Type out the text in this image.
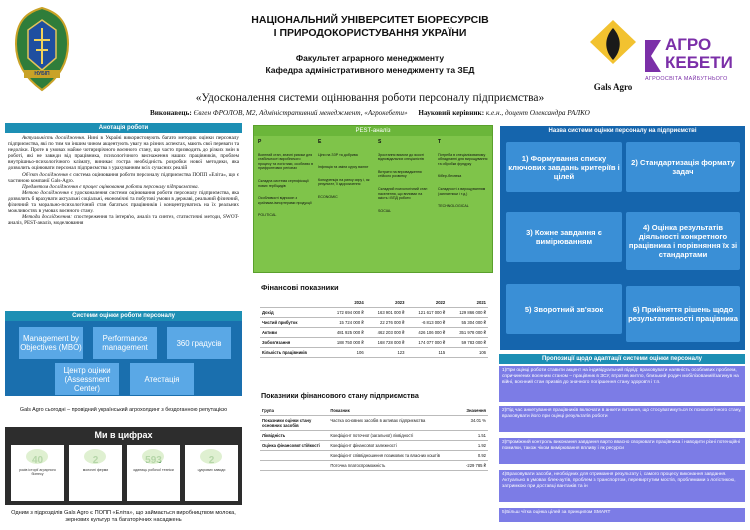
НУБІП
НАЦІОНАЛЬНИЙ УНІВЕРСИТЕТ БІОРЕСУРСІВ
І ПРИРОДОКОРИСТУВАННЯ УКРАЇНИ
Факультет аграрного менеджменту
Кафедра адміністративного менеджменту та ЗЕД
«Удосконалення системи оцінювання роботи персоналу підприємства»
Виконавець: Євген ФРОЛОВ, М2, Адміністративний менеджмент, «Агрокебети» Науковий керівник: к.е.н., доцент Олександра РАЛКО
Gals Agro
АГРО
КЕБЕТИ
АГРООСВІТА МАЙБУТНЬОГО
Анотація роботи

Актуальність дослідження. Нині в Україні використовують багато методик оцінки персоналу підприємства, які по тим чи іншим чином акцентують увагу на різних аспектах, мають свої переваги та недоліки. Проте в умовах майже чотирирічного воєнного стану, що часто призводить до різких змін в роботі, які не завжди від працівника, психологічного виснаження наших працівників, проблем внутрішньо-психологічного клімату, виникає гостра необхідність розробки нової методики, яка дозволить оцінювати персонал підприємства з урахуванням всіх сучасних реалій

Об'єкт дослідження є система оцінювання роботи персоналу підприємства ПОПП «Еліта», що є частиною компанії Gals-Agro.

Предметом дослідження є процес оцінювання роботи персоналу підприємства.

Метою дослідження є удосконалення системи оцінювання роботи персоналу підприємства, яка дозволить б врахувати актуальні соціальні, економічні та побутові умови в державі, реальний фізичний, фізичний та морально-психологічний стан багатьох працівників і концентруватись на їх реальних можливостях в умовах воєнного стану.

Методи дослідження: спостереження та інтерв'ю, аналіз та синтез, статистичні методи, SWOT-аналіз, PEST-аналіз, моделювання

PEST-аналіз
P
Воєнний стан, значні ризики для стабільності виробничого процесу та логістики, особливо в прифронтових регіонах
Складна система сертифікації нових гербіцидів
Особливості відносин з країнами-імпортерами продукції
POLITICAL
E
Ціни на ЗЗР та добрива
Інфляція та зміни курсу валют
Конкуренція на ринку сиру і, як результат, її здорожчення
ECONOMIC
S
Зростання вимоги до якості відповідальних спеціалістів
Витрати на впровадження стійкого розвитку
Складний психологічний стан населення, що впливає на якість і ВПД роботи
SOCIAL
T
Потреба в спеціалізованому обладнанні для вирощування та обробки фундуку
Кібер-безпека
Складності з вирощуванням (заплатники і т.д.)
TECHNOLOGICAL
Назва системи оцінки персоналу на підприємстві
1) Формування списку ключових завдань критеріїв і цілей
2) Стандартизація формату задач
3) Кожне завдання є вимірюванням
4) Оцінка результатів діяльності конкретного працівника і порівняння їх зі стандартами
5) Зворотний зв'язок	6) Прийняття рішень щодо результативності працівника
Фінансові показники
	2024	2023	2022	2021
Дохід	172 694 000 ₴	163 901 000 ₴	121 617 000 ₴	129 866 000 ₴
Чистий прибуток	15 724 000 ₴	22 276 000 ₴	-6 813 000 ₴	55 304 000 ₴
Активи	481 925 000 ₴	462 203 000 ₴	426 106 000 ₴	351 978 000 ₴
Зобов'язання	188 750 000 ₴	168 728 000 ₴	174 077 000 ₴	59 783 000 ₴
Кількість працівників	106	123	115	106
Показники фінансового стану підприємства
Група	Показник	Значення
Показники оцінки стану основних засобів	Частка основних засобів в активах підприємства	34.01 %
Ліквідність	Коефіцієнт поточної (загальної) ліквідності	1.51
Оцінка фінансової стійкості	Коефіцієнт фінансової залежності	1.92
	Коефіцієнт співвідношення позикових та власних коштів	0.92
	Поточна платоспроможність	-229 785 ₴
Системи оцінки роботи персоналу
Management by Objectives (MBO)
Performance management	360 градусів
Центр оцінки (Assessment Center)
Атестація
Gals Agro сьогодні – провідний український агрохолдинг з бездоганною репутацією
Ми в цифрах
років історії аграрного бізнесу
молочні ферми	одиниць робочої техніки	цукрових заводи
Одним з підрозділів Gals Agro є ПОПП «Еліта», що займається виробництвом молока, зернових культур та багаторічних насаджень
Пропозиції щодо адаптації системи оцінки персоналу
1)При оцінці роботи ставити акцент на індивідуальний підхід: враховувати наявність особливих проблем, спричинених воєнним станом – працівник в ЗСУ, втратив житло, близький родич мобілізований/загинув на війні, воєнний стан призвів до значного погіршення стану здоров'я і т.п.
2)Під час анкетування працівників включати в анкети питання, що стосуватимуться їх психологічного стану, враховувати його при оцінці результатів роботи
3)Проміжний контроль виконання завдання варто ввасно сворювати працівника і наводити різні потенційні помилки, також чіком вимірювання впливу і як ресурси
4)Враховувати засоби, необхідних для отримання результату і, самого процесу виконання завдання. Актуально в умовах блек-аутів, проблем з транспортом, перевиртутим мостів, проблемами з логістикою, затримкою при доставці вантажів та ін
5)Більш чітка оцінка цілей за принципом SMART
